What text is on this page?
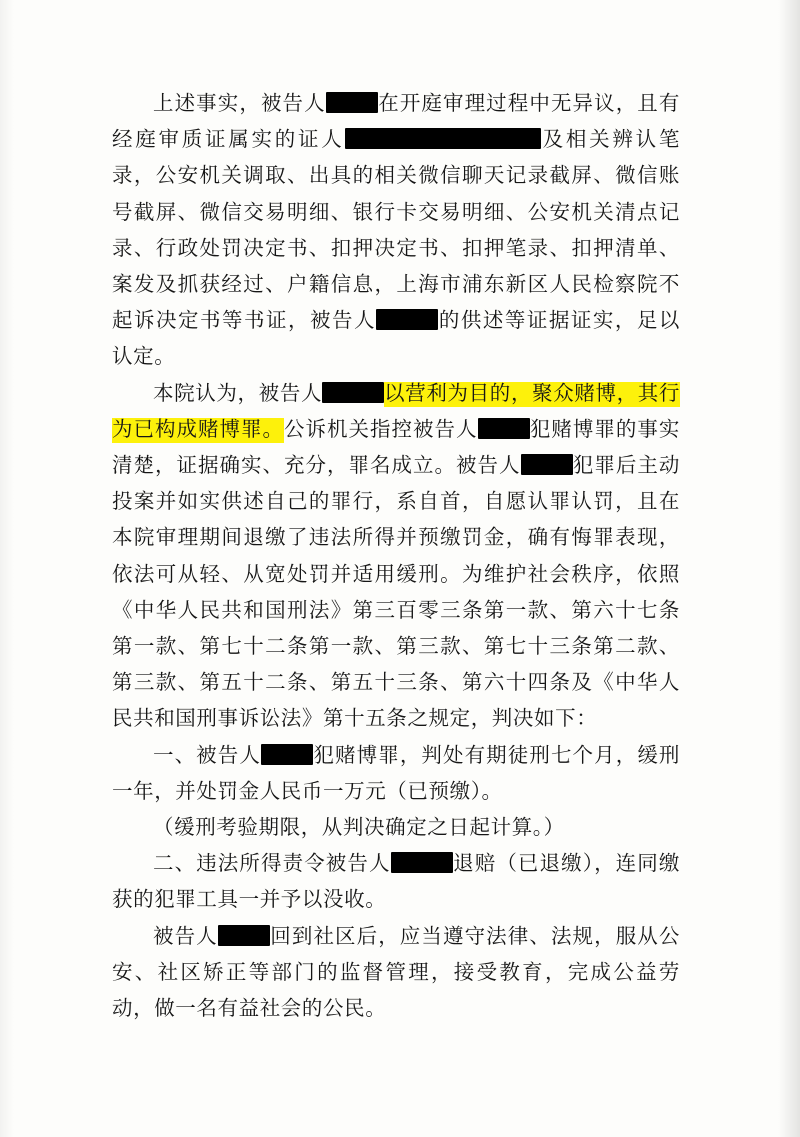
上述事实，被告人	在开庭审理过程中无异议，且有经庭审质证属实的证人	及相关辨认笔录，公安机关调取、出具的相关微信聊天记录截屏、微信账号截屏、微信交易明细、银行卡交易明细、公安机关清点记录、行政处罚决定书、扣押决定书、扣押笔录、扣押清单、案发及抓获经过、户籍信息，上海市浦东新区人民检察院不起诉决定书等书证，被告人	的供述等证据证实，足以认定。

本院认为，被告人	以营利为目的，聚众赌博，其行为已构成赌博罪。公诉机关指控被告人	犯赌博罪的事实清楚，证据确实、充分，罪名成立。被告人	犯罪后主动投案并如实供述自己的罪行，系自首，自愿认罪认罚，且在本院审理期间退缴了违法所得并预缴罚金，确有悔罪表现，依法可从轻、从宽处罚并适用缓刑。为维护社会秩序，依照《中华人民共和国刑法》第三百零三条第一款、第六十七条第一款、第七十二条第一款、第三款、第七十三条第二款、第三款、第五十二条、第五十三条、第六十四条及《中华人民共和国刑事诉讼法》第十五条之规定，判决如下：

一、被告人	犯赌博罪，判处有期徒刑七个月，缓刑一年，并处罚金人民币一万元（已预缴）。

（缓刑考验期限，从判决确定之日起计算。）

二、违法所得责令被告人	退赔（已退缴），连同缴获的犯罪工具一并予以没收。

被告人	回到社区后，应当遵守法律、法规，服从公安、社区矫正等部门的监督管理，接受教育，完成公益劳动，做一名有益社会的公民。
